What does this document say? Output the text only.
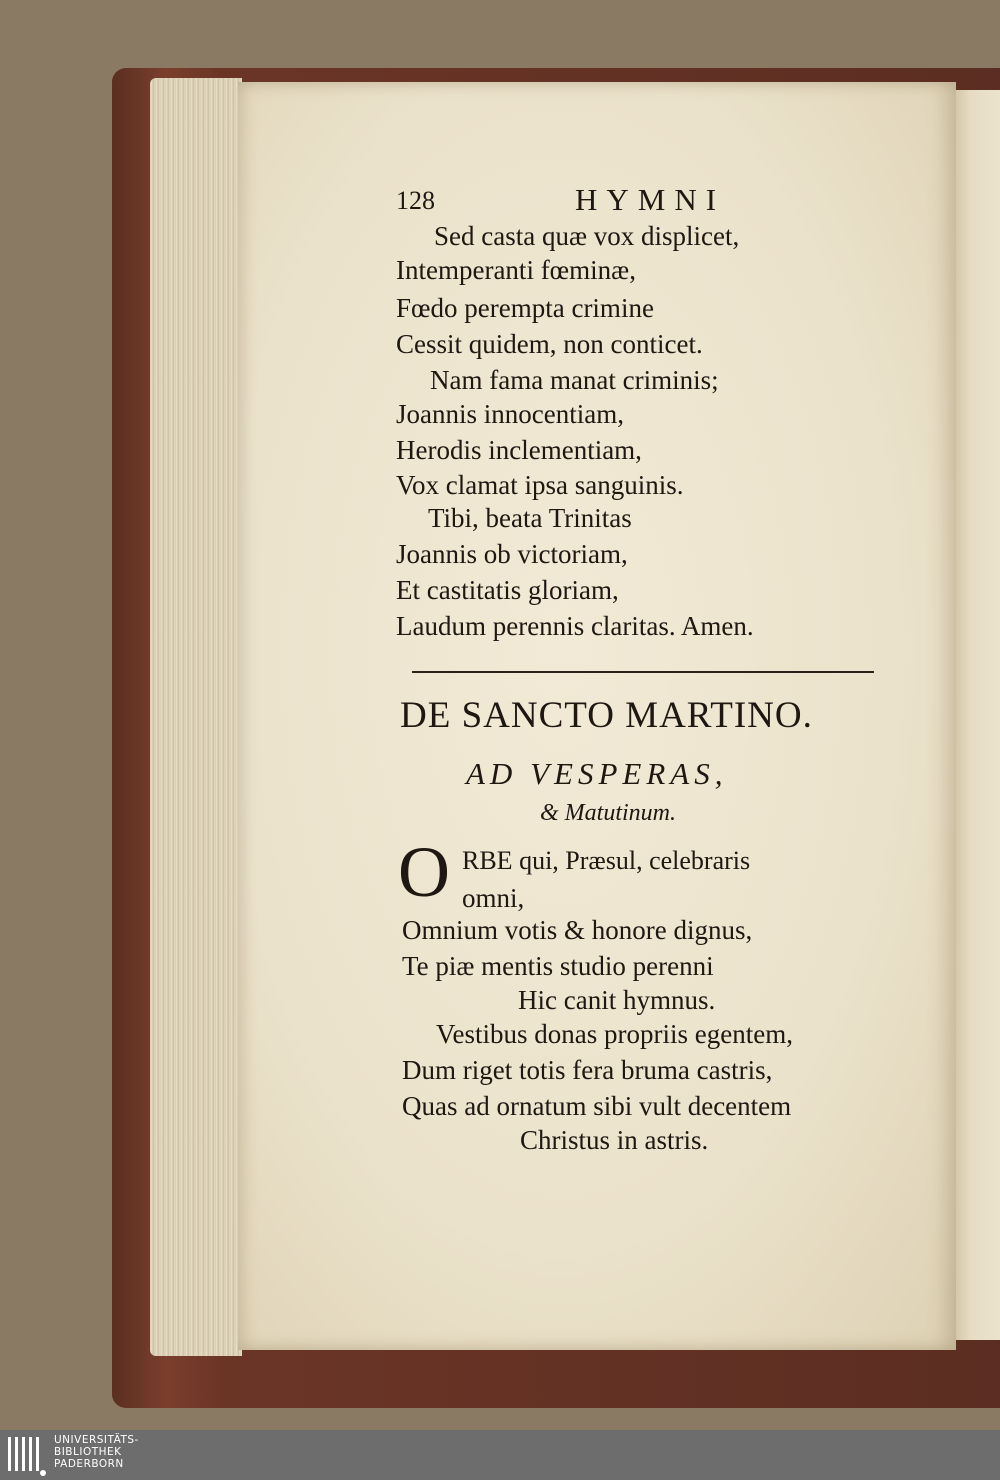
128	HYMNI
Sed casta quæ vox displicet,
Intemperanti fœminæ,
Fœdo perempta crimine
Cessit quidem, non conticet.
Nam fama manat criminis;
Joannis innocentiam,
Herodis inclementiam,
Vox clamat ipsa sanguinis.
Tibi, beata Trinitas
Joannis ob victoriam,
Et castitatis gloriam,
Laudum perennis claritas. Amen.
DE SANCTO MARTINO.
AD VESPERAS,
& Matutinum.
O RBE qui, Præsul, celebraris
omni,
Omnium votis & honore dignus,
Te piæ mentis studio perenni
Hic canit hymnus.
Vestibus donas propriis egentem,
Dum riget totis fera bruma castris,
Quas ad ornatum sibi vult decentem
Christus in astris.
UNIVERSITÄTS-
BIBLIOTHEK
PADERBORN
